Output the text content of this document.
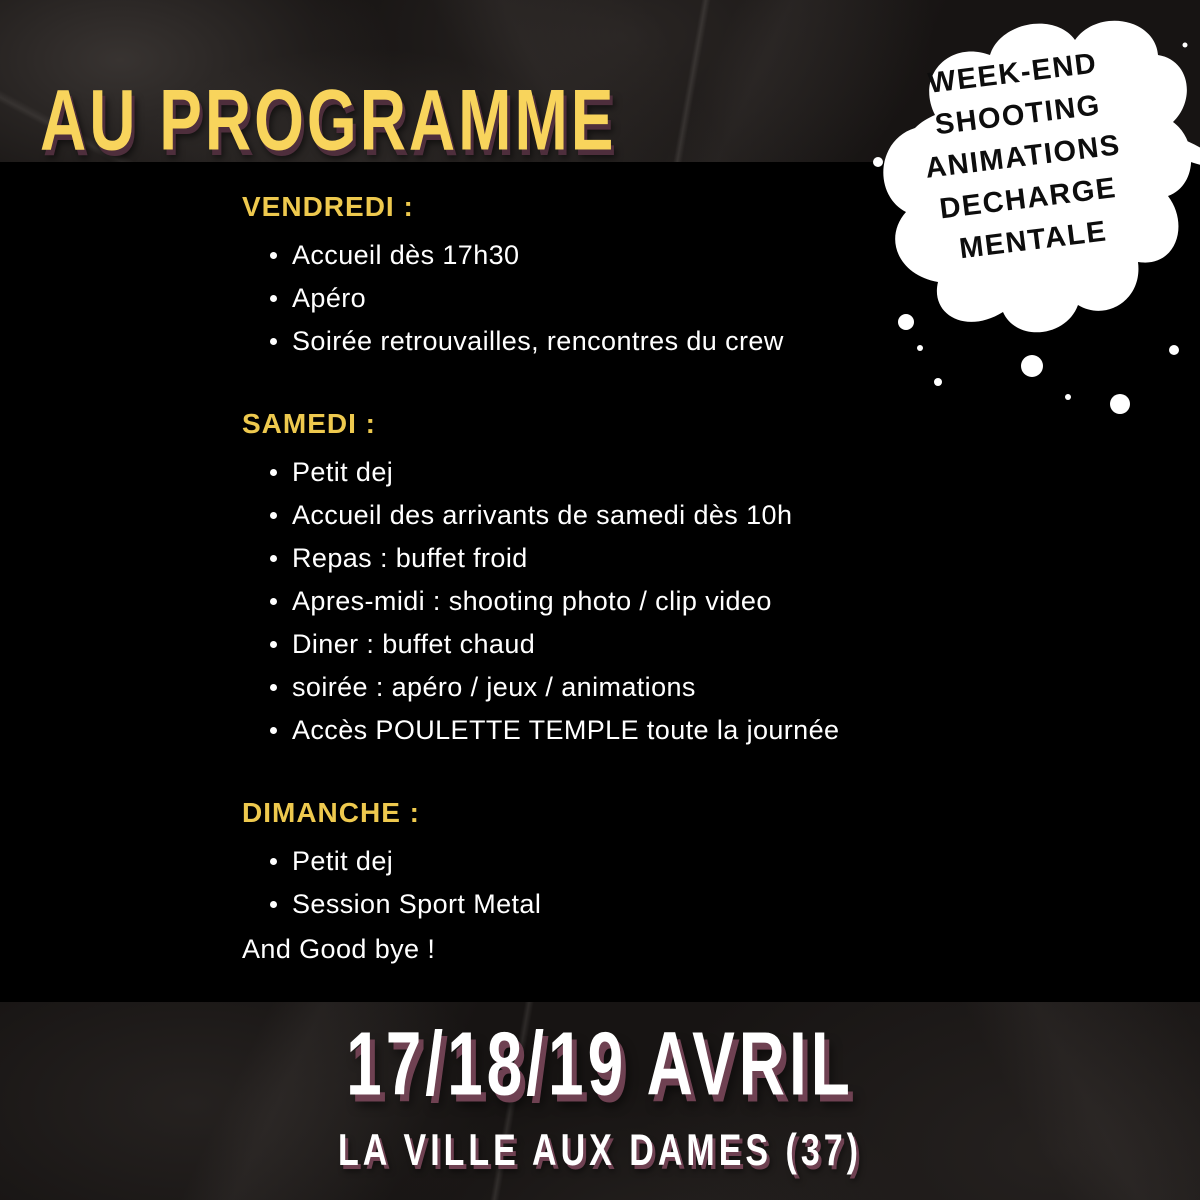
AU PROGRAMME	WEEK-END
SHOOTING
ANIMATIONS
DECHARGE
MENTALE
VENDREDI :
Accueil dès 17h30
Apéro
Soirée retrouvailles, rencontres du crew
SAMEDI :
Petit dej
Accueil des arrivants de samedi dès 10h
Repas : buffet froid
Apres-midi : shooting photo / clip video
Diner : buffet chaud
soirée : apéro / jeux / animations
Accès POULETTE TEMPLE toute la journée
DIMANCHE :
Petit dej
Session Sport Metal
And Good bye !
17/18/19 AVRIL
LA VILLE AUX DAMES (37)
